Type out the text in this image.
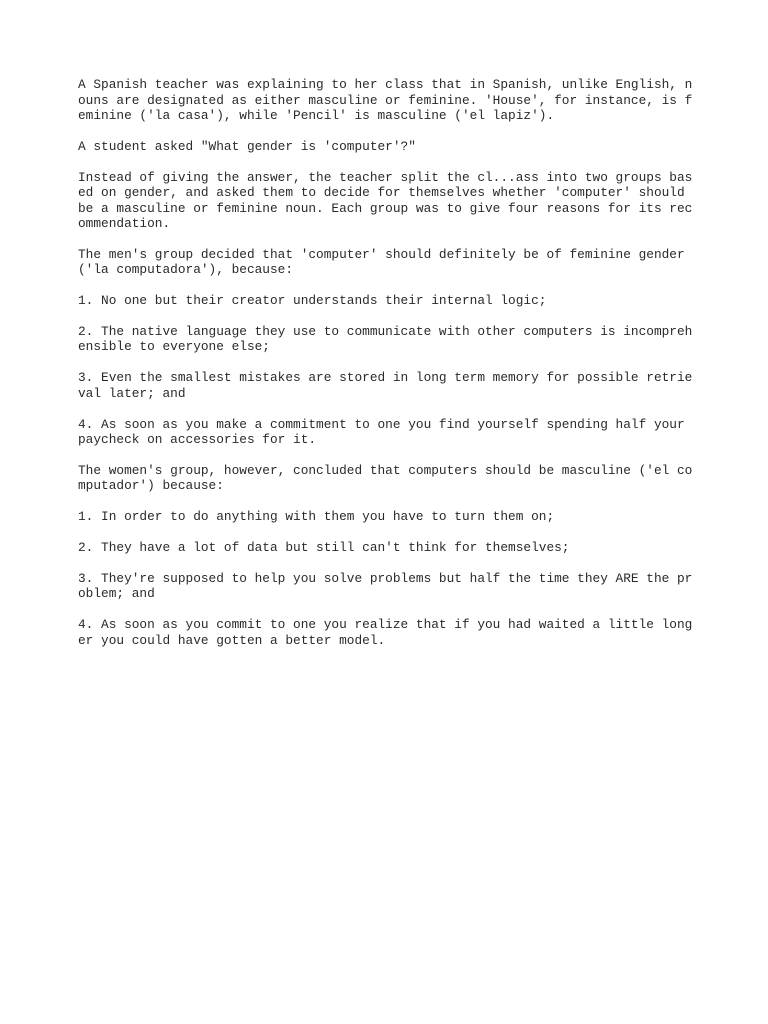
A Spanish teacher was explaining to her class that in Spanish, unlike English, n
ouns are designated as either masculine or feminine. 'House', for instance, is f
eminine ('la casa'), while 'Pencil' is masculine ('el lapiz').

A student asked "What gender is 'computer'?"

Instead of giving the answer, the teacher split the cl...ass into two groups bas
ed on gender, and asked them to decide for themselves whether 'computer' should
be a masculine or feminine noun. Each group was to give four reasons for its rec
ommendation.

The men's group decided that 'computer' should definitely be of feminine gender
('la computadora'), because:

1. No one but their creator understands their internal logic;

2. The native language they use to communicate with other computers is incompreh
ensible to everyone else;

3. Even the smallest mistakes are stored in long term memory for possible retrie
val later; and

4. As soon as you make a commitment to one you find yourself spending half your
paycheck on accessories for it.

The women's group, however, concluded that computers should be masculine ('el co
mputador') because:

1. In order to do anything with them you have to turn them on;

2. They have a lot of data but still can't think for themselves;

3. They're supposed to help you solve problems but half the time they ARE the pr
oblem; and

4. As soon as you commit to one you realize that if you had waited a little long
er you could have gotten a better model.
